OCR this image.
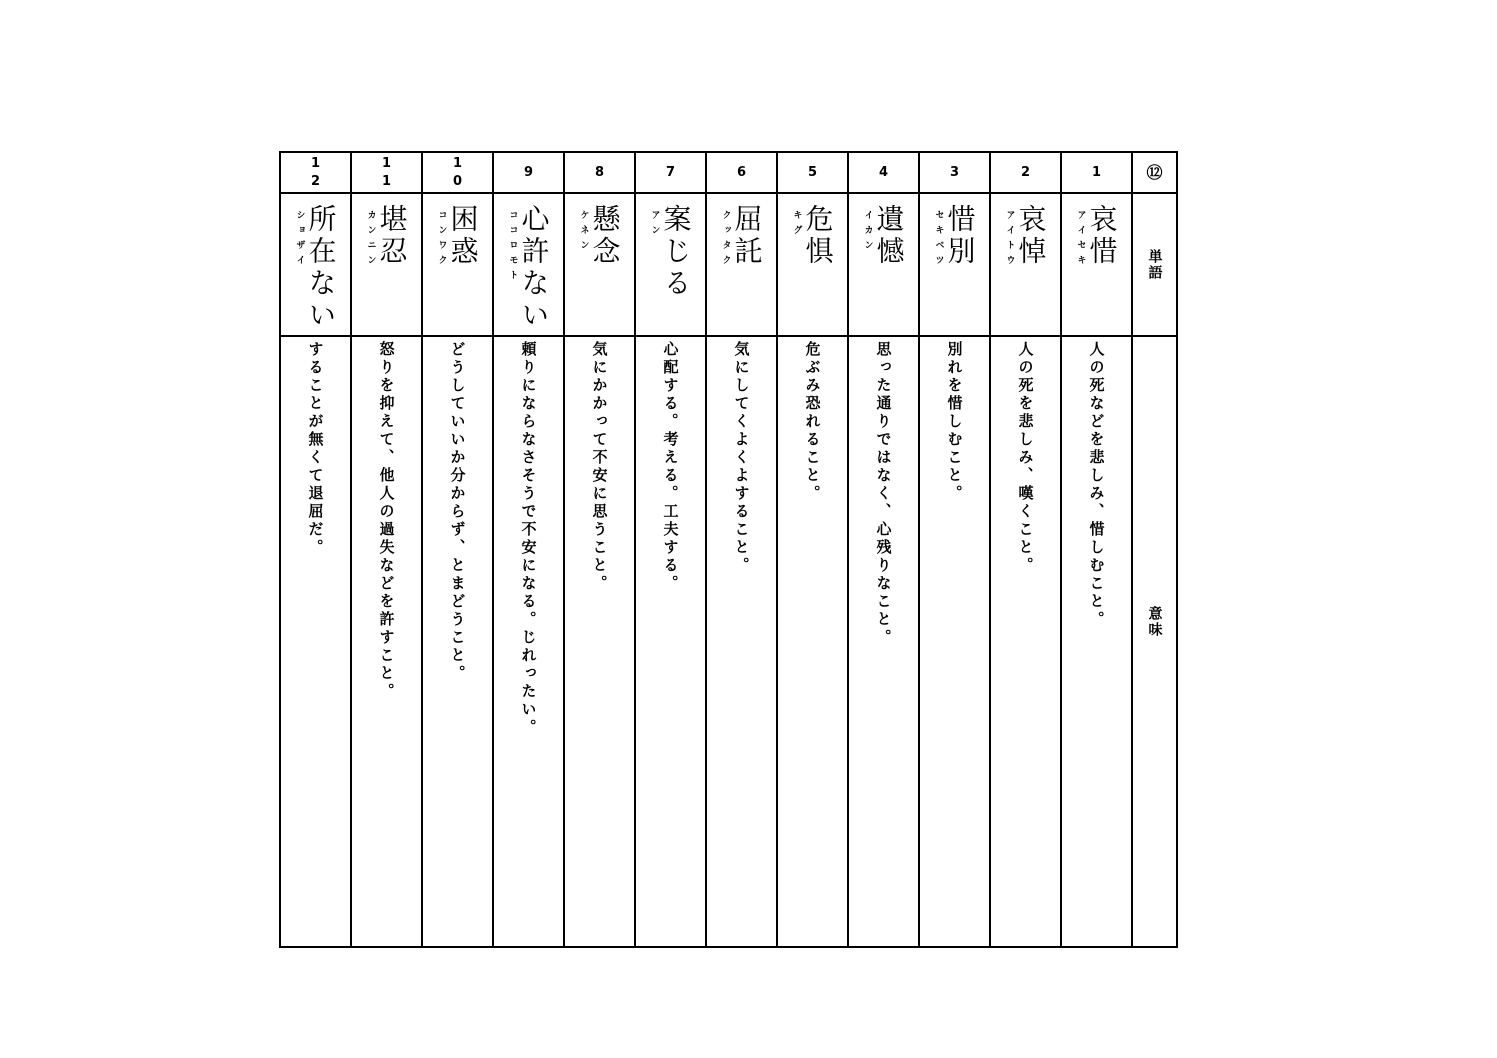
1
2
所在ない
ショザイ
することが無くて退屈だ。
1
1
堪忍
カンニン
怒りを抑えて、他人の過失などを許すこと。
1
0
困惑
コンワク
どうしていいか分からず、とまどうこと。
9
心許ない
ココロモト
頼りにならなさそうで不安になる。じれったい。
8
懸念
ケネン
気にかかって不安に思うこと。
7
案じる
アン
心配する。考える。工夫する。
6
屈託
クッタク
気にしてくよくよすること。
5
危惧
キグ
危ぶみ恐れること。
4
遺憾
イカン
思った通りではなく、心残りなこと。
3
惜別
セキベツ
別れを惜しむこと。
2
哀悼
アイトウ
人の死を悲しみ、嘆くこと。
1
哀惜
アイセキ
人の死などを悲しみ、惜しむこと。
⑫
単語
意味
